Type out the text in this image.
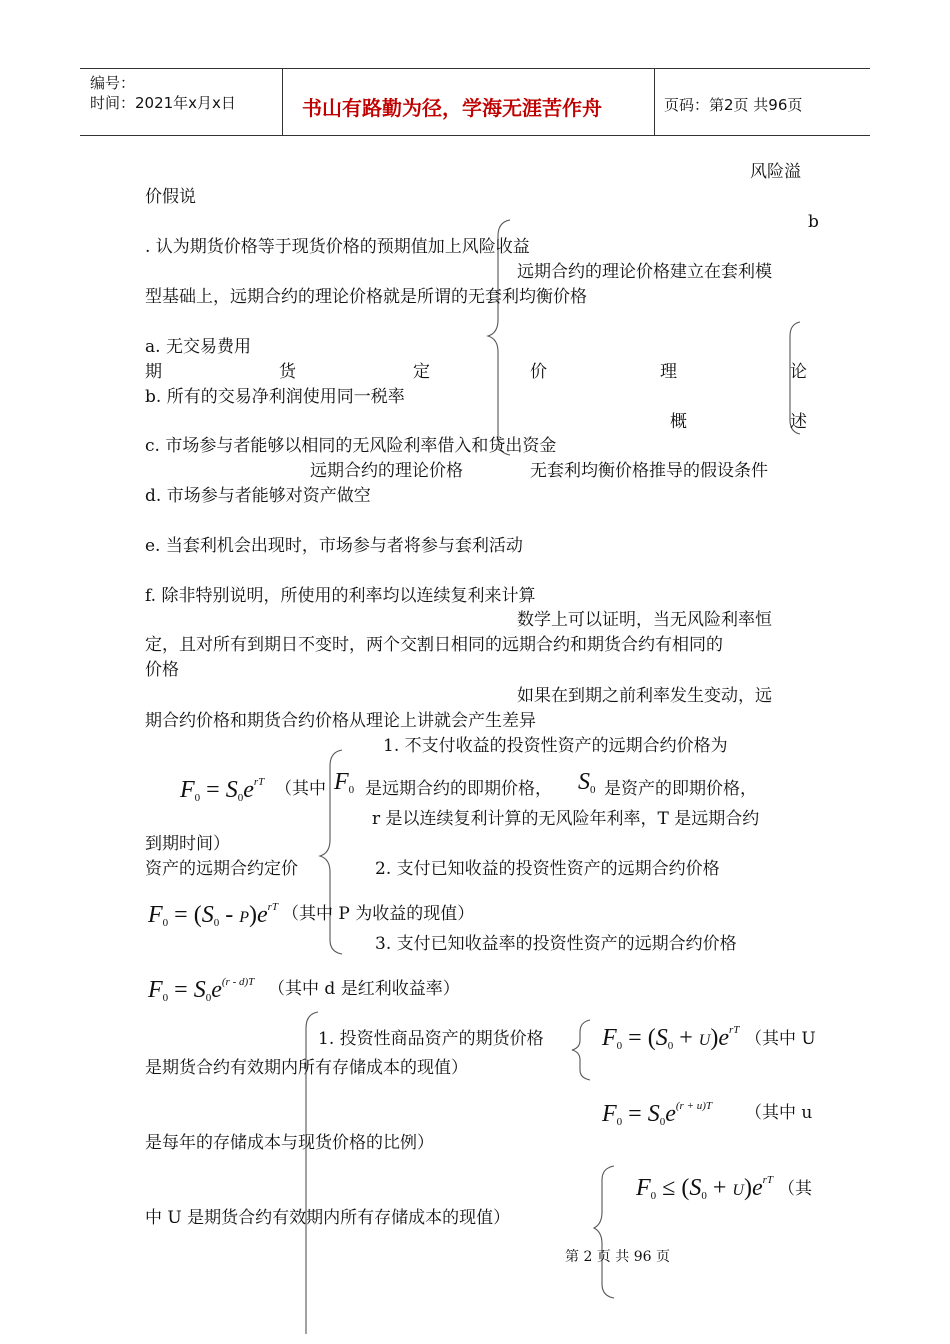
编号：
时间：2021年x月x日	书山有路勤为径，学海无涯苦作舟	页码：第2页 共96页
风险溢
价假说
b
. 认为期货价格等于现货价格的预期值加上风险收益
远期合约的理论价格建立在套利模
型基础上，远期合约的理论价格就是所谓的无套利均衡价格
a. 无交易费用
期	货	定	价	理	论
b. 所有的交易净利润使用同一税率
概	述
c. 市场参与者能够以相同的无风险利率借入和贷出资金
远期合约的理论价格	无套利均衡价格推导的假设条件
d. 市场参与者能够对资产做空
e. 当套利机会出现时，市场参与者将参与套利活动
f. 除非特别说明，所使用的利率均以连续复利来计算
数学上可以证明，当无风险利率恒
定，且对所有到期日不变时，两个交割日相同的远期合约和期货合约有相同的
价格
如果在到期之前利率发生变动，远
期合约价格和期货合约价格从理论上讲就会产生差异
1. 不支付收益的投资性资产的远期合约价格为
$F_0 = S_0e^{rT}$ （其中 $F_0$ 是远期合约的即期价格， $S_0$ 是资产的即期价格，
r 是以连续复利计算的无风险年利率，T 是远期合约
到期时间）
资产的远期合约定价	2. 支付已知收益的投资性资产的远期合约价格
$F_0 = (S_0 - P)e^{rT}$ （其中 P 为收益的现值）
3. 支付已知收益率的投资性资产的远期合约价格
$F_0 = S_0e^{(r - d)T}$ （其中 d 是红利收益率）
1. 投资性商品资产的期货价格 $F_0 = (S_0 + U)e^{rT}$ （其中 U
是期货合约有效期内所有存储成本的现值）
$F_0 = S_0e^{(r + u)T}$ （其中 u
是每年的存储成本与现货价格的比例）
$F_0 \le (S_0 + U)e^{rT}$ （其
中 U 是期货合约有效期内所有存储成本的现值）
第 2 页 共 96 页
